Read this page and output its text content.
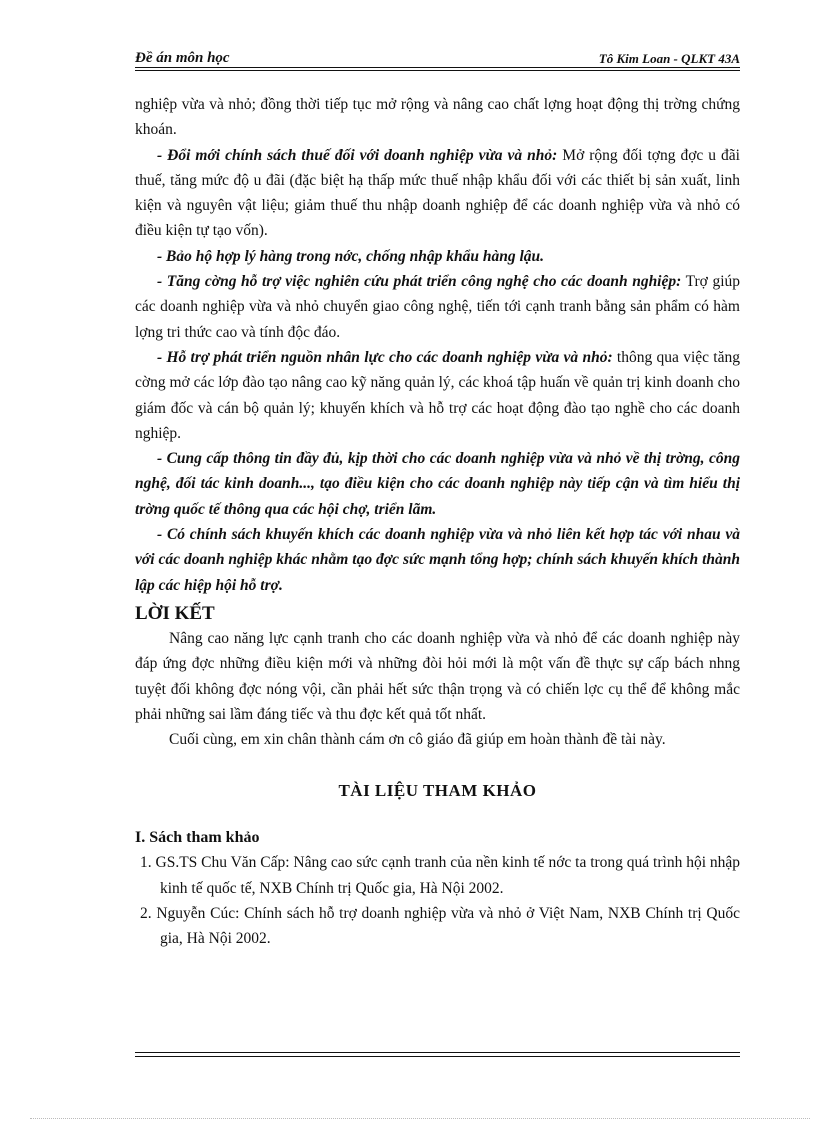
Đề án môn học	Tô Kim Loan - QLKT 43A

nghiệp vừa và nhỏ; đồng thời tiếp tục mở rộng và nâng cao chất lợng hoạt động thị trờng chứng khoán.

- Đổi mới chính sách thuế đối với doanh nghiệp vừa và nhỏ: Mở rộng đối tợng đợc u đãi thuế, tăng mức độ u đãi (đặc biệt hạ thấp mức thuế nhập khẩu đối với các thiết bị sản xuất, linh kiện và nguyên vật liệu; giảm thuế thu nhập doanh nghiệp để các doanh nghiệp vừa và nhỏ có điều kiện tự tạo vốn).

- Bảo hộ hợp lý hàng trong nớc, chống nhập khẩu hàng lậu.

- Tăng cờng hỗ trợ việc nghiên cứu phát triển công nghệ cho các doanh nghiệp: Trợ giúp các doanh nghiệp vừa và nhỏ chuyển giao công nghệ, tiến tới cạnh tranh bằng sản phẩm có hàm lợng tri thức cao và tính độc đáo.

- Hỗ trợ phát triển nguồn nhân lực cho các doanh nghiệp vừa và nhỏ: thông qua việc tăng cờng mở các lớp đào tạo nâng cao kỹ năng quản lý, các khoá tập huấn về quản trị kinh doanh cho giám đốc và cán bộ quản lý; khuyến khích và hỗ trợ các hoạt động đào tạo nghề cho các doanh nghiệp.

- Cung cấp thông tin đầy đủ, kịp thời cho các doanh nghiệp vừa và nhỏ về thị trờng, công nghệ, đối tác kinh doanh..., tạo điều kiện cho các doanh nghiệp này tiếp cận và tìm hiểu thị trờng quốc tế thông qua các hội chợ, triển lãm.

- Có chính sách khuyến khích các doanh nghiệp vừa và nhỏ liên kết hợp tác với nhau và với các doanh nghiệp khác nhằm tạo đợc sức mạnh tổng hợp; chính sách khuyến khích thành lập các hiệp hội hỗ trợ.

LỜI KẾT

Nâng cao năng lực cạnh tranh cho các doanh nghiệp vừa và nhỏ để các doanh nghiệp này đáp ứng đợc những điều kiện mới và những đòi hỏi mới là một vấn đề thực sự cấp bách nhng tuyệt đối không đợc nóng vội, cần phải hết sức thận trọng và có chiến lợc cụ thể để không mắc phải những sai lầm đáng tiếc và thu đợc kết quả tốt nhất.

Cuối cùng, em xin chân thành cám ơn cô giáo đã giúp em hoàn thành đề tài này.

TÀI LIỆU THAM KHẢO
I. Sách tham khảo

1. GS.TS Chu Văn Cấp: Nâng cao sức cạnh tranh của nền kinh tế nớc ta trong quá trình hội nhập kinh tế quốc tế, NXB Chính trị Quốc gia, Hà Nội 2002.

2. Nguyễn Cúc: Chính sách hỗ trợ doanh nghiệp vừa và nhỏ ở Việt Nam, NXB Chính trị Quốc gia, Hà Nội 2002.
